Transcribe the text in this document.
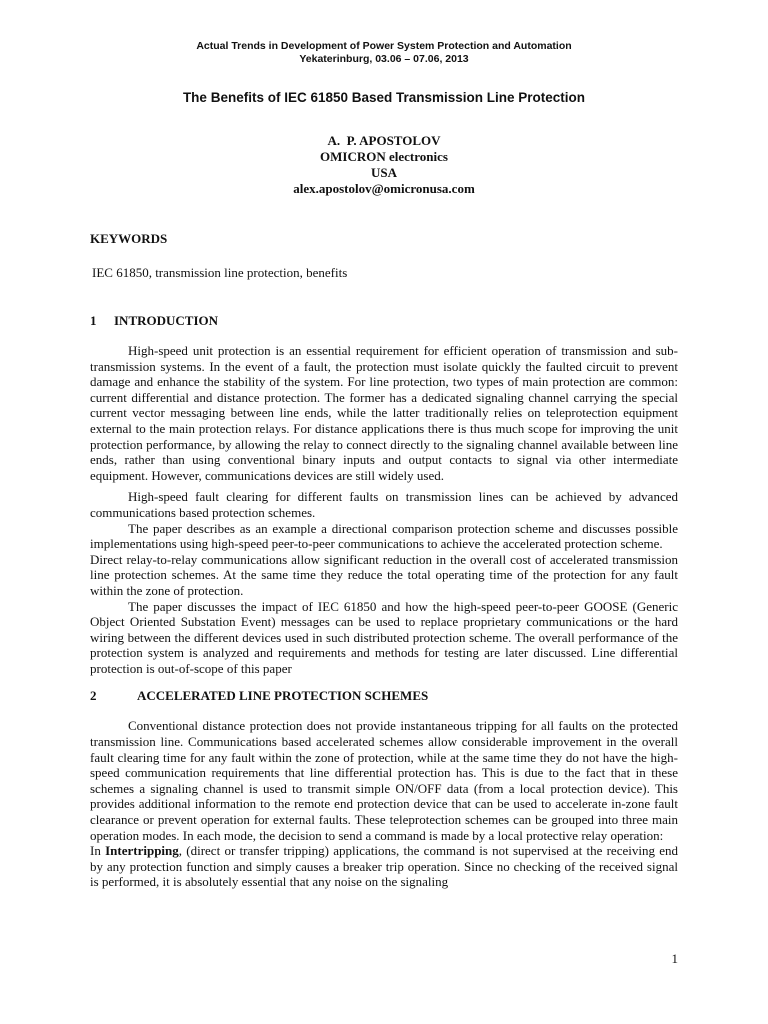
Actual Trends in Development of Power System Protection and Automation
Yekaterinburg, 03.06 – 07.06, 2013
The Benefits of IEC 61850 Based Transmission Line Protection
A.  P. APOSTOLOV
OMICRON electronics
USA
alex.apostolov@omicronusa.com
KEYWORDS
IEC 61850, transmission line protection, benefits
1 INTRODUCTION

High-speed unit protection is an essential requirement for efficient operation of transmission and sub-transmission systems. In the event of a fault, the protection must isolate quickly the faulted circuit to prevent damage and enhance the stability of the system. For line protection, two types of main protection are common: current differential and distance protection. The former has a dedicated signaling channel carrying the special current vector messaging between line ends, while the latter traditionally relies on teleprotection equipment external to the main protection relays. For distance applications there is thus much scope for improving the unit protection performance, by allowing the relay to connect directly to the signaling channel available between line ends, rather than using conventional binary inputs and output contacts to signal via other intermediate equipment. However, communications devices are still widely used.

High-speed fault clearing for different faults on transmission lines can be achieved by advanced communications based protection schemes.

The paper describes as an example a directional comparison protection scheme and discusses possible implementations using high-speed peer-to-peer communications to achieve the accelerated protection scheme.

Direct relay-to-relay communications allow significant reduction in the overall cost of accelerated transmission line protection schemes. At the same time they reduce the total operating time of the protection for any fault within the zone of protection.

The paper discusses the impact of IEC 61850 and how the high-speed peer-to-peer GOOSE (Generic Object Oriented Substation Event) messages can be used to replace proprietary communications or the hard wiring between the different devices used in such distributed protection scheme. The overall performance of the protection system is analyzed and requirements and methods for testing are later discussed. Line differential protection is out-of-scope of this paper

2	ACCELERATED LINE PROTECTION SCHEMES

Conventional distance protection does not provide instantaneous tripping for all faults on the protected transmission line. Communications based accelerated schemes allow considerable improvement in the overall fault clearing time for any fault within the zone of protection, while at the same time they do not have the high-speed communication requirements that line differential protection has. This is due to the fact that in these schemes a signaling channel is used to transmit simple ON/OFF data (from a local protection device). This provides additional information to the remote end protection device that can be used to accelerate in-zone fault clearance or prevent operation for external faults. These teleprotection schemes can be grouped into three main operation modes. In each mode, the decision to send a command is made by a local protective relay operation:

In Intertripping, (direct or transfer tripping) applications, the command is not supervised at the receiving end by any protection function and simply causes a breaker trip operation. Since no checking of the received signal is performed, it is absolutely essential that any noise on the signaling

1
